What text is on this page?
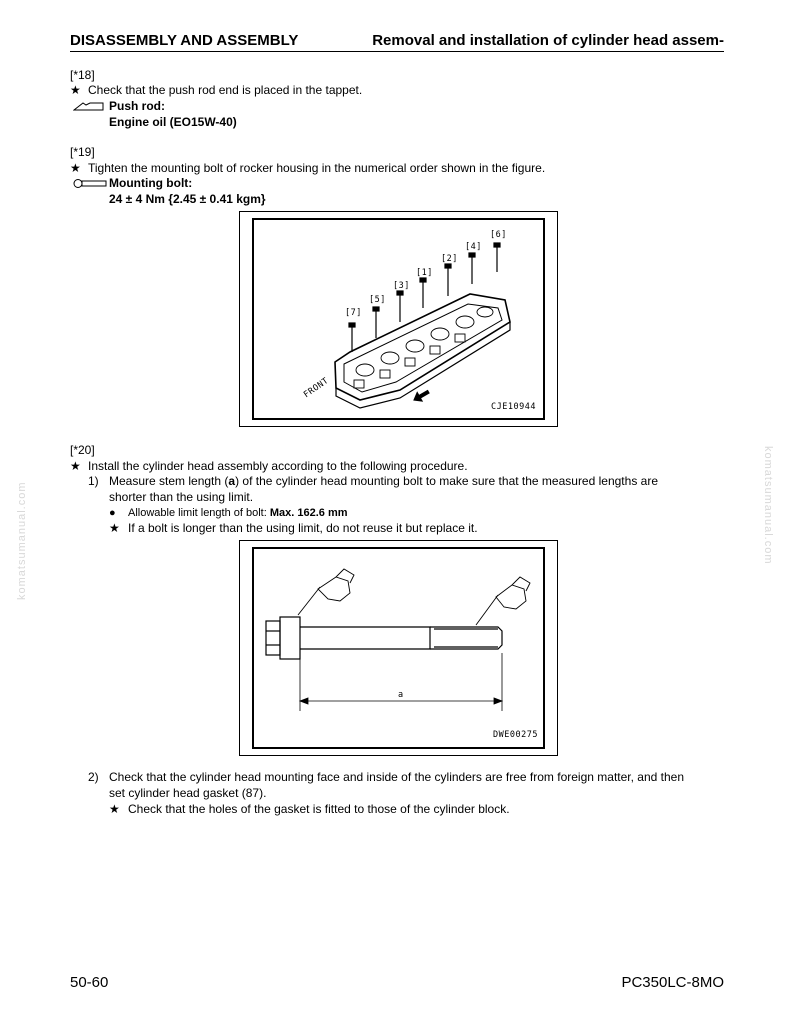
DISASSEMBLY AND ASSEMBLY	Removal and installation of cylinder head assem-
komatsumanual.com	komatsumanual.com
[*18]
★ Check that the push rod end is placed in the tappet.
Push rod:
Engine oil (EO15W-40)
[*19]
★ Tighten the mounting bolt of rocker housing in the numerical order shown in the figure.
Mounting bolt:
24 ± 4 Nm {2.45 ± 0.41 kgm}
[7]
[5]
[3]
[1]
[2]
[4]
[6]
FRONT
CJE10944
[*20]
★ Install the cylinder head assembly according to the following procedure.
1) Measure stem length (a) of the cylinder head mounting bolt to make sure that the measured lengths are
shorter than the using limit.
● Allowable limit length of bolt: Max. 162.6 mm
★ If a bolt is longer than the using limit, do not reuse it but replace it.
a
DWE00275
2) Check that the cylinder head mounting face and inside of the cylinders are free from foreign matter, and then
set cylinder head gasket (87).
★ Check that the holes of the gasket is fitted to those of the cylinder block.
50-60	PC350LC-8MO
